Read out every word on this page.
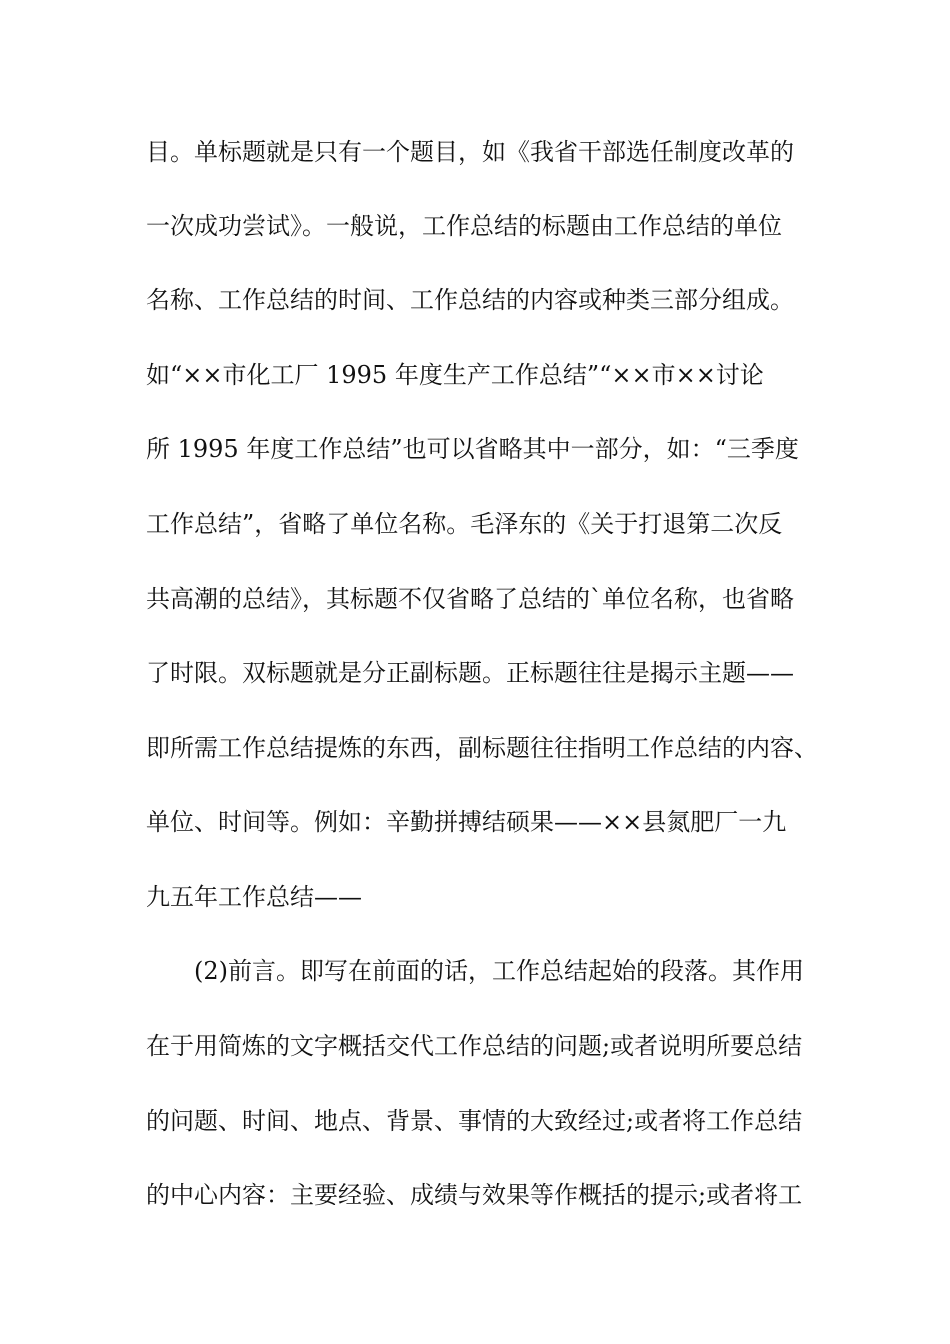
目。单标题就是只有一个题目，如《我省干部选任制度改革的
一次成功尝试》。一般说，工作总结的标题由工作总结的单位
名称、工作总结的时间、工作总结的内容或种类三部分组成。
如“××市化工厂 1995 年度生产工作总结”“××市××讨论
所 1995 年度工作总结”也可以省略其中一部分，如：“三季度
工作总结”，省略了单位名称。毛泽东的《关于打退第二次反
共高潮的总结》，其标题不仅省略了总结的`单位名称，也省略
了时限。双标题就是分正副标题。正标题往往是揭示主题——
即所需工作总结提炼的东西，副标题往往指明工作总结的内容、
单位、时间等。例如：辛勤拼搏结硕果——××县氮肥厂一九
九五年工作总结——
(2)前言。即写在前面的话，工作总结起始的段落。其作用
在于用简炼的文字概括交代工作总结的问题;或者说明所要总结
的问题、时间、地点、背景、事情的大致经过;或者将工作总结
的中心内容：主要经验、成绩与效果等作概括的提示;或者将工
